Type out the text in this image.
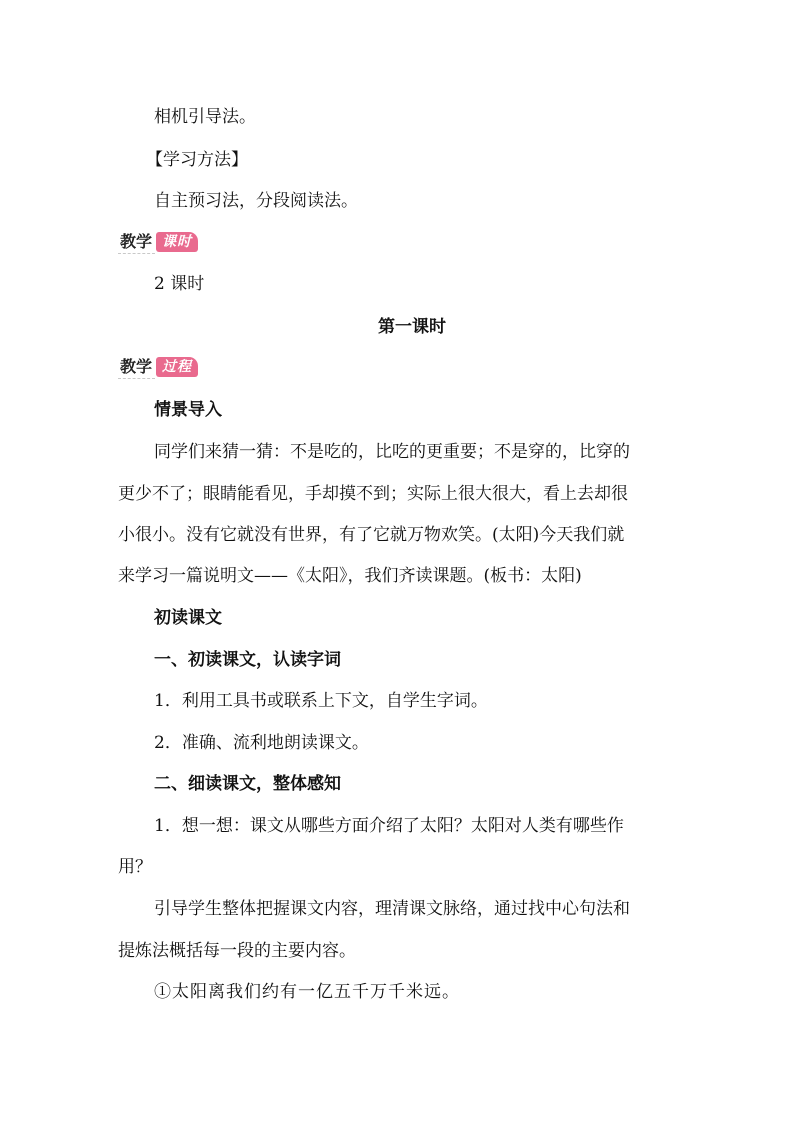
相机引导法。
【学习方法】
自主预习法，分段阅读法。
教学 课时
2 课时
第一课时
教学 过程
情景导入
同学们来猜一猜：不是吃的，比吃的更重要；不是穿的，比穿的
更少不了；眼睛能看见，手却摸不到；实际上很大很大，看上去却很
小很小。没有它就没有世界，有了它就万物欢笑。(太阳)今天我们就
来学习一篇说明文——《太阳》，我们齐读课题。(板书：太阳)
初读课文
一、初读课文，认读字词
1．利用工具书或联系上下文，自学生字词。
2．准确、流利地朗读课文。
二、细读课文，整体感知
1．想一想：课文从哪些方面介绍了太阳？太阳对人类有哪些作
用？
引导学生整体把握课文内容，理清课文脉络，通过找中心句法和
提炼法概括每一段的主要内容。
①太阳离我们约有一亿五千万千米远。
